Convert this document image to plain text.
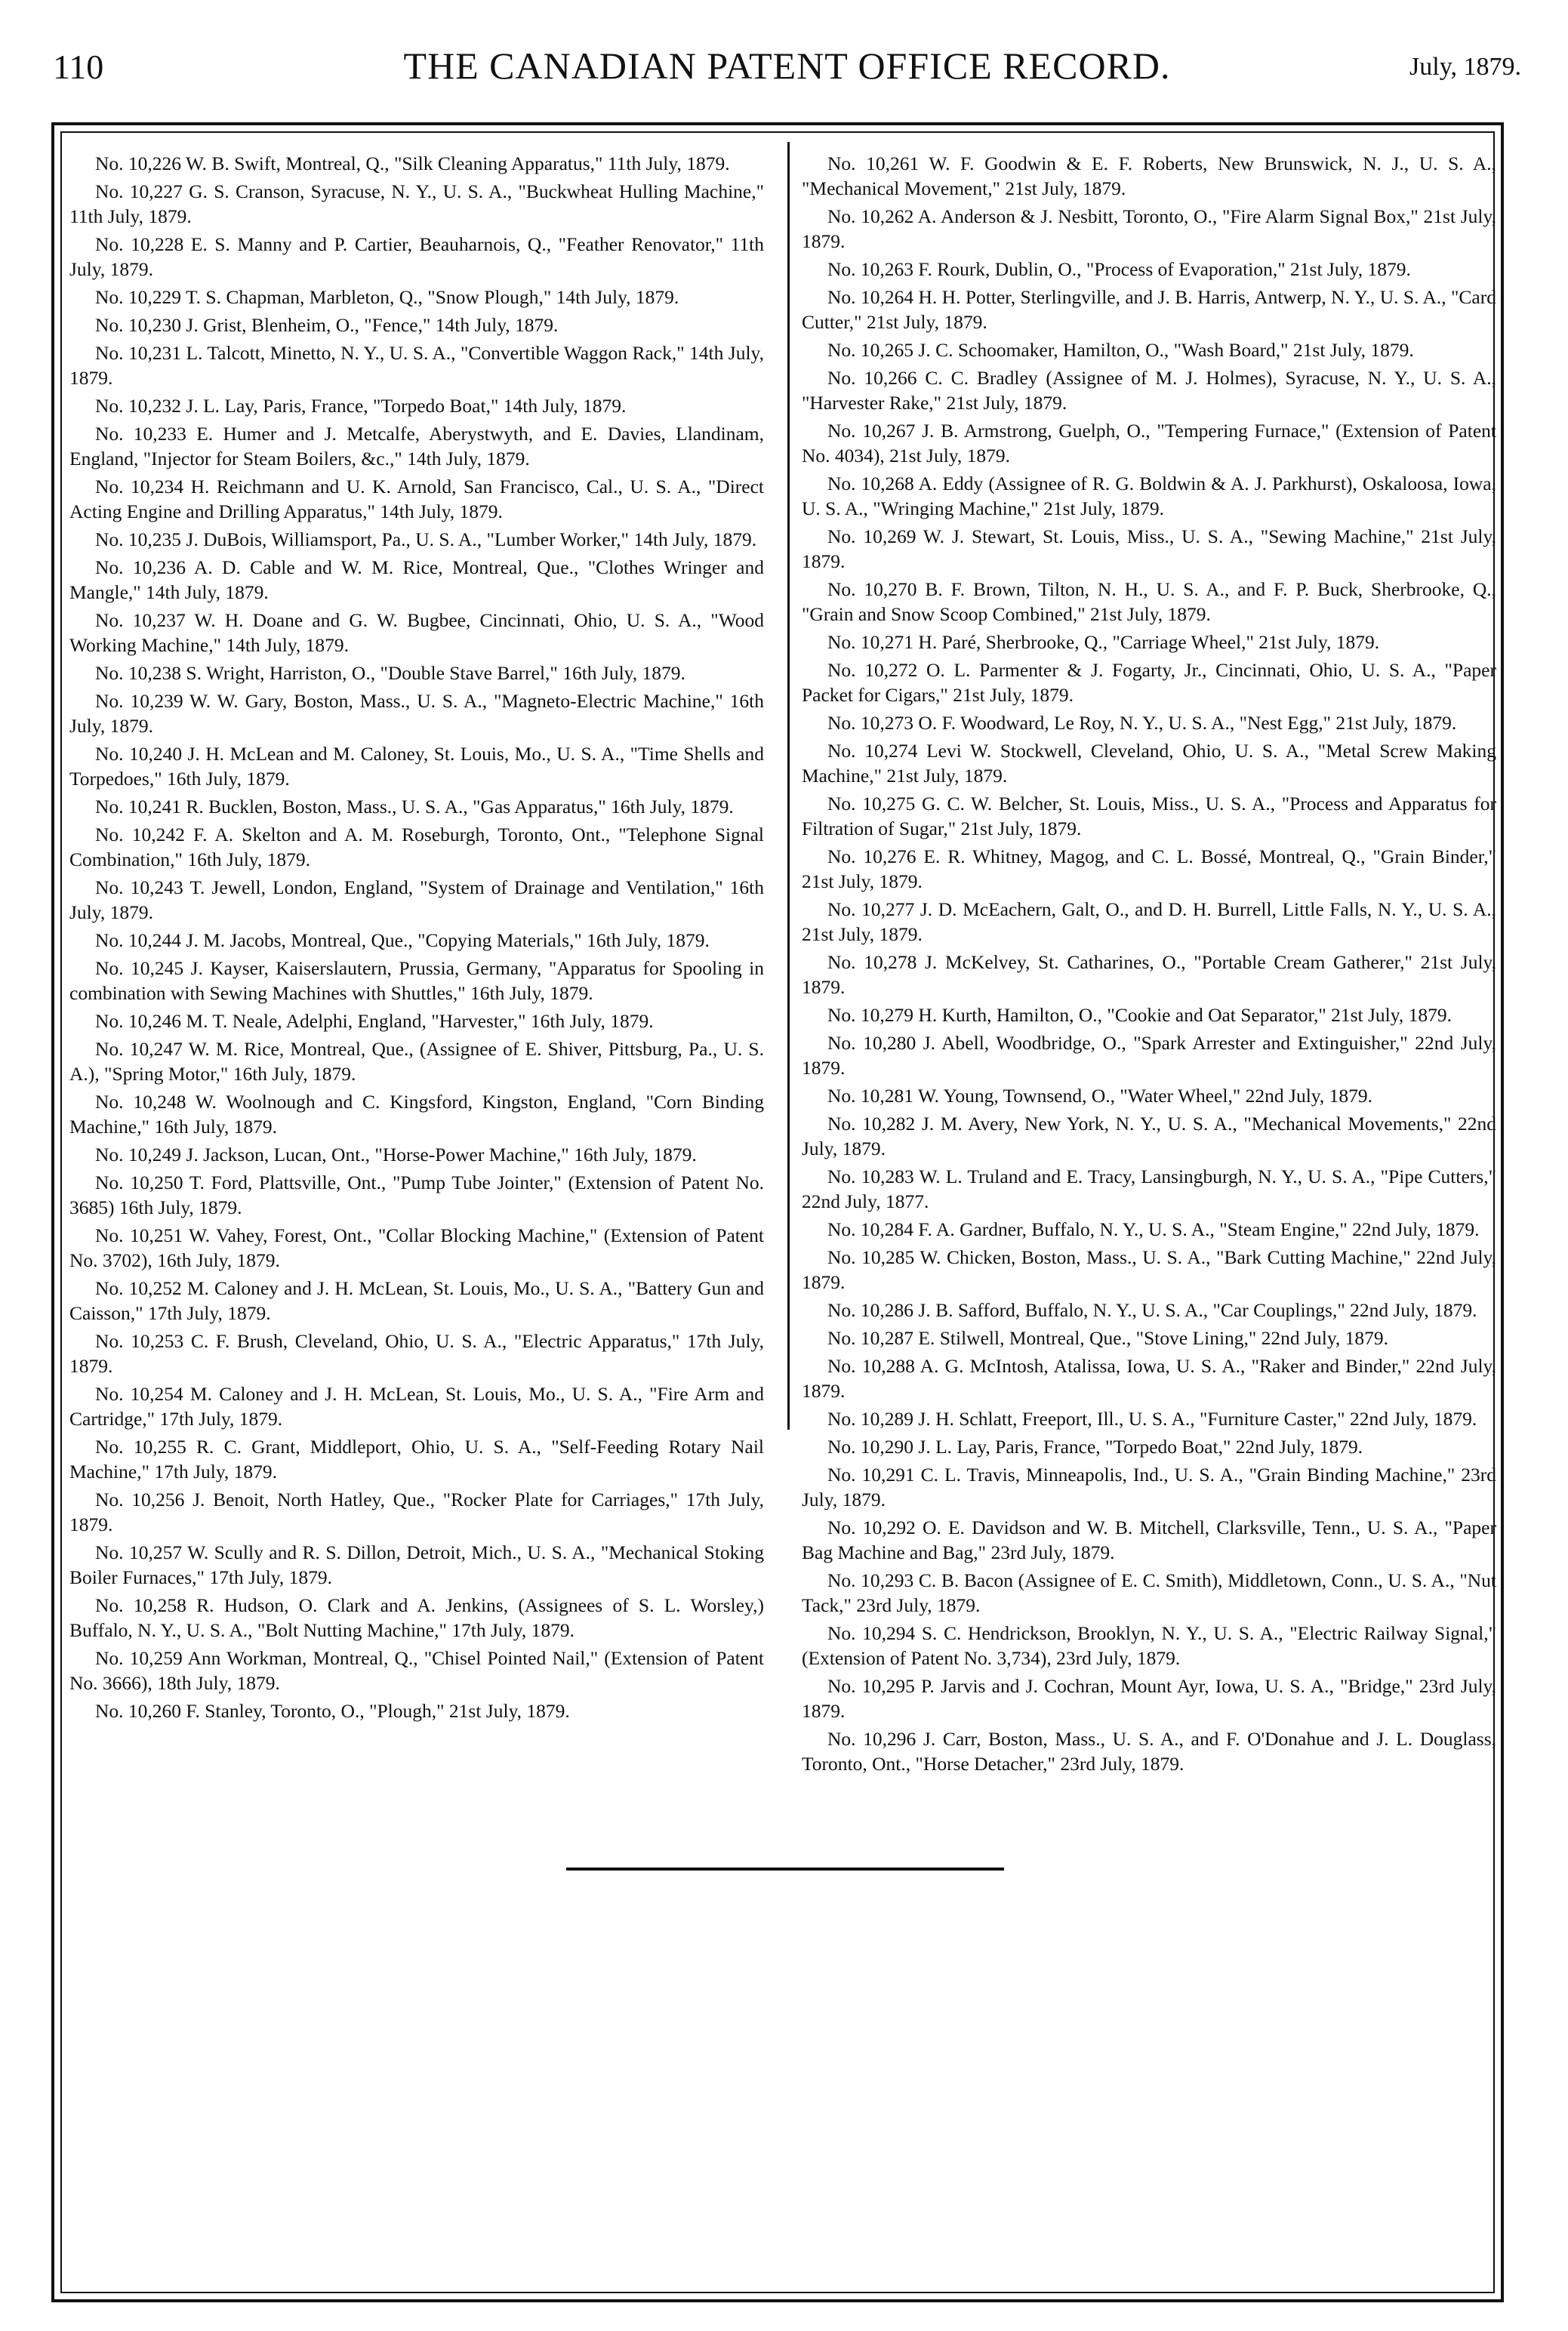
110	THE CANADIAN PATENT OFFICE RECORD.	July, 1879.

No. 10,226 W. B. Swift, Montreal, Q., "Silk Cleaning Apparatus," 11th July, 1879.

No. 10,227 G. S. Cranson, Syracuse, N. Y., U. S. A., "Buckwheat Hulling Machine," 11th July, 1879.

No. 10,228 E. S. Manny and P. Cartier, Beauharnois, Q., "Feather Renovator," 11th July, 1879.

No. 10,229 T. S. Chapman, Marbleton, Q., "Snow Plough," 14th July, 1879.

No. 10,230 J. Grist, Blenheim, O., "Fence," 14th July, 1879.

No. 10,231 L. Talcott, Minetto, N. Y., U. S. A., "Convertible Waggon Rack," 14th July, 1879.

No. 10,232 J. L. Lay, Paris, France, "Torpedo Boat," 14th July, 1879.

No. 10,233 E. Humer and J. Metcalfe, Aberystwyth, and E. Davies, Llandinam, England, "Injector for Steam Boilers, &c.," 14th July, 1879.

No. 10,234 H. Reichmann and U. K. Arnold, San Francisco, Cal., U. S. A., "Direct Acting Engine and Drilling Apparatus," 14th July, 1879.

No. 10,235 J. DuBois, Williamsport, Pa., U. S. A., "Lumber Worker," 14th July, 1879.

No. 10,236 A. D. Cable and W. M. Rice, Montreal, Que., "Clothes Wringer and Mangle," 14th July, 1879.

No. 10,237 W. H. Doane and G. W. Bugbee, Cincinnati, Ohio, U. S. A., "Wood Working Machine," 14th July, 1879.

No. 10,238 S. Wright, Harriston, O., "Double Stave Barrel," 16th July, 1879.

No. 10,239 W. W. Gary, Boston, Mass., U. S. A., "Magneto-Electric Machine," 16th July, 1879.

No. 10,240 J. H. McLean and M. Caloney, St. Louis, Mo., U. S. A., "Time Shells and Torpedoes," 16th July, 1879.

No. 10,241 R. Bucklen, Boston, Mass., U. S. A., "Gas Apparatus," 16th July, 1879.

No. 10,242 F. A. Skelton and A. M. Roseburgh, Toronto, Ont., "Telephone Signal Combination," 16th July, 1879.

No. 10,243 T. Jewell, London, England, "System of Drainage and Ventilation," 16th July, 1879.

No. 10,244 J. M. Jacobs, Montreal, Que., "Copying Materials," 16th July, 1879.

No. 10,245 J. Kayser, Kaiserslautern, Prussia, Germany, "Apparatus for Spooling in combination with Sewing Machines with Shuttles," 16th July, 1879.

No. 10,246 M. T. Neale, Adelphi, England, "Harvester," 16th July, 1879.

No. 10,247 W. M. Rice, Montreal, Que., (Assignee of E. Shiver, Pittsburg, Pa., U. S. A.), "Spring Motor," 16th July, 1879.

No. 10,248 W. Woolnough and C. Kingsford, Kingston, England, "Corn Binding Machine," 16th July, 1879.

No. 10,249 J. Jackson, Lucan, Ont., "Horse-Power Machine," 16th July, 1879.

No. 10,250 T. Ford, Plattsville, Ont., "Pump Tube Jointer," (Extension of Patent No. 3685) 16th July, 1879.

No. 10,251 W. Vahey, Forest, Ont., "Collar Blocking Machine," (Extension of Patent No. 3702), 16th July, 1879.

No. 10,252 M. Caloney and J. H. McLean, St. Louis, Mo., U. S. A., "Battery Gun and Caisson," 17th July, 1879.

No. 10,253 C. F. Brush, Cleveland, Ohio, U. S. A., "Electric Apparatus," 17th July, 1879.

No. 10,254 M. Caloney and J. H. McLean, St. Louis, Mo., U. S. A., "Fire Arm and Cartridge," 17th July, 1879.

No. 10,255 R. C. Grant, Middleport, Ohio, U. S. A., "Self-Feeding Rotary Nail Machine," 17th July, 1879.

No. 10,256 J. Benoit, North Hatley, Que., "Rocker Plate for Carriages," 17th July, 1879.

No. 10,257 W. Scully and R. S. Dillon, Detroit, Mich., U. S. A., "Mechanical Stoking Boiler Furnaces," 17th July, 1879.

No. 10,258 R. Hudson, O. Clark and A. Jenkins, (Assignees of S. L. Worsley,) Buffalo, N. Y., U. S. A., "Bolt Nutting Machine," 17th July, 1879.

No. 10,259 Ann Workman, Montreal, Q., "Chisel Pointed Nail," (Extension of Patent No. 3666), 18th July, 1879.

No. 10,260 F. Stanley, Toronto, O., "Plough," 21st July, 1879.

No. 10,261 W. F. Goodwin & E. F. Roberts, New Brunswick, N. J., U. S. A., "Mechanical Movement," 21st July, 1879.

No. 10,262 A. Anderson & J. Nesbitt, Toronto, O., "Fire Alarm Signal Box," 21st July, 1879.

No. 10,263 F. Rourk, Dublin, O., "Process of Evaporation," 21st July, 1879.

No. 10,264 H. H. Potter, Sterlingville, and J. B. Harris, Antwerp, N. Y., U. S. A., "Card Cutter," 21st July, 1879.

No. 10,265 J. C. Schoomaker, Hamilton, O., "Wash Board," 21st July, 1879.

No. 10,266 C. C. Bradley (Assignee of M. J. Holmes), Syracuse, N. Y., U. S. A., "Harvester Rake," 21st July, 1879.

No. 10,267 J. B. Armstrong, Guelph, O., "Tempering Furnace," (Extension of Patent No. 4034), 21st July, 1879.

No. 10,268 A. Eddy (Assignee of R. G. Boldwin & A. J. Parkhurst), Oskaloosa, Iowa, U. S. A., "Wringing Machine," 21st July, 1879.

No. 10,269 W. J. Stewart, St. Louis, Miss., U. S. A., "Sewing Machine," 21st July, 1879.

No. 10,270 B. F. Brown, Tilton, N. H., U. S. A., and F. P. Buck, Sherbrooke, Q., "Grain and Snow Scoop Combined," 21st July, 1879.

No. 10,271 H. Paré, Sherbrooke, Q., "Carriage Wheel," 21st July, 1879.

No. 10,272 O. L. Parmenter & J. Fogarty, Jr., Cincinnati, Ohio, U. S. A., "Paper Packet for Cigars," 21st July, 1879.

No. 10,273 O. F. Woodward, Le Roy, N. Y., U. S. A., "Nest Egg," 21st July, 1879.

No. 10,274 Levi W. Stockwell, Cleveland, Ohio, U. S. A., "Metal Screw Making Machine," 21st July, 1879.

No. 10,275 G. C. W. Belcher, St. Louis, Miss., U. S. A., "Process and Apparatus for Filtration of Sugar," 21st July, 1879.

No. 10,276 E. R. Whitney, Magog, and C. L. Bossé, Montreal, Q., "Grain Binder," 21st July, 1879.

No. 10,277 J. D. McEachern, Galt, O., and D. H. Burrell, Little Falls, N. Y., U. S. A., 21st July, 1879.

No. 10,278 J. McKelvey, St. Catharines, O., "Portable Cream Gatherer," 21st July, 1879.

No. 10,279 H. Kurth, Hamilton, O., "Cookie and Oat Separator," 21st July, 1879.

No. 10,280 J. Abell, Woodbridge, O., "Spark Arrester and Extinguisher," 22nd July, 1879.

No. 10,281 W. Young, Townsend, O., "Water Wheel," 22nd July, 1879.

No. 10,282 J. M. Avery, New York, N. Y., U. S. A., "Mechanical Movements," 22nd July, 1879.

No. 10,283 W. L. Truland and E. Tracy, Lansingburgh, N. Y., U. S. A., "Pipe Cutters," 22nd July, 1877.

No. 10,284 F. A. Gardner, Buffalo, N. Y., U. S. A., "Steam Engine," 22nd July, 1879.

No. 10,285 W. Chicken, Boston, Mass., U. S. A., "Bark Cutting Machine," 22nd July, 1879.

No. 10,286 J. B. Safford, Buffalo, N. Y., U. S. A., "Car Couplings," 22nd July, 1879.

No. 10,287 E. Stilwell, Montreal, Que., "Stove Lining," 22nd July, 1879.

No. 10,288 A. G. McIntosh, Atalissa, Iowa, U. S. A., "Raker and Binder," 22nd July, 1879.

No. 10,289 J. H. Schlatt, Freeport, Ill., U. S. A., "Furniture Caster," 22nd July, 1879.

No. 10,290 J. L. Lay, Paris, France, "Torpedo Boat," 22nd July, 1879.

No. 10,291 C. L. Travis, Minneapolis, Ind., U. S. A., "Grain Binding Machine," 23rd July, 1879.

No. 10,292 O. E. Davidson and W. B. Mitchell, Clarksville, Tenn., U. S. A., "Paper Bag Machine and Bag," 23rd July, 1879.

No. 10,293 C. B. Bacon (Assignee of E. C. Smith), Middletown, Conn., U. S. A., "Nut Tack," 23rd July, 1879.

No. 10,294 S. C. Hendrickson, Brooklyn, N. Y., U. S. A., "Electric Railway Signal," (Extension of Patent No. 3,734), 23rd July, 1879.

No. 10,295 P. Jarvis and J. Cochran, Mount Ayr, Iowa, U. S. A., "Bridge," 23rd July, 1879.

No. 10,296 J. Carr, Boston, Mass., U. S. A., and F. O'Donahue and J. L. Douglass, Toronto, Ont., "Horse Detacher," 23rd July, 1879.
